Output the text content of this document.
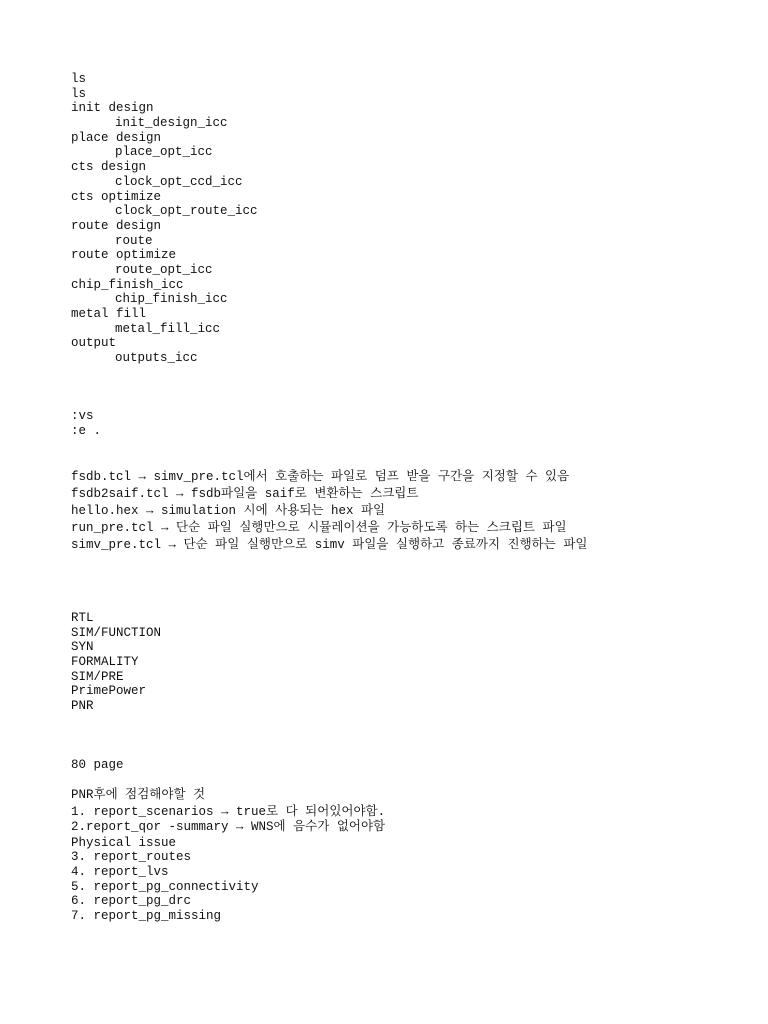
ls
ls
init design
init_design_icc
place design
place_opt_icc
cts design
clock_opt_ccd_icc
cts optimize
clock_opt_route_icc
route design
route
route optimize
route_opt_icc
chip_finish_icc
chip_finish_icc
metal fill
metal_fill_icc
output
outputs_icc
:vs
:e .
fsdb.tcl → simv_pre.tcl에서 호출하는 파일로 덤프 받을 구간을 지정할 수 있음
fsdb2saif.tcl → fsdb파일을 saif로 변환하는 스크립트
hello.hex → simulation 시에 사용되는 hex 파일
run_pre.tcl → 단순 파일 실행만으로 시뮬레이션을 가능하도록 하는 스크립트 파일
simv_pre.tcl → 단순 파일 실행만으로 simv 파일을 실행하고 종료까지 진행하는 파일
RTL
SIM/FUNCTION
SYN
FORMALITY
SIM/PRE
PrimePower
PNR
80 page
PNR후에 점검해야할 것
1. report_scenarios → true로 다 되어있어야함.
2.report_qor -summary → WNS에 음수가 없어야함
Physical issue
3. report_routes
4. report_lvs
5. report_pg_connectivity
6. report_pg_drc
7. report_pg_missing
